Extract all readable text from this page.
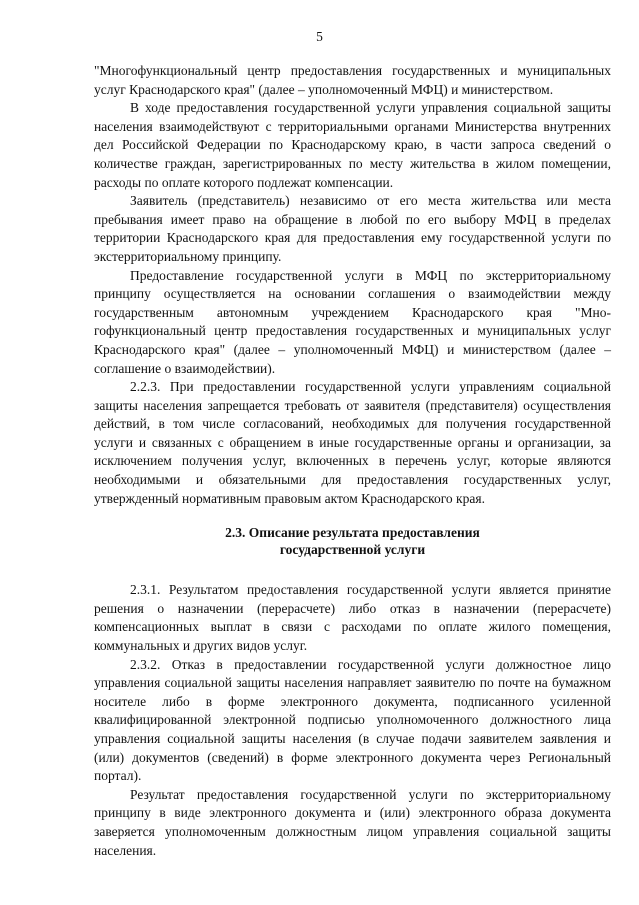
5

"Многофункциональный центр предоставления государственных и муниципальных услуг Краснодарского края" (далее – уполномоченный МФЦ) и министерством.

В ходе предоставления государственной услуги управления социальной защиты населения взаимодействуют с территориальными органами Министерства внутренних дел Российской Федерации по Краснодарскому краю, в части запроса сведений о количестве граждан, зарегистрированных по месту жительства в жилом помещении, расходы по оплате которого подлежат компенсации.

Заявитель (представитель) независимо от его места жительства или места пребывания имеет право на обращение в любой по его выбору МФЦ в пределах территории Краснодарского края для предоставления ему государственной услуги по экстерриториальному принципу.

Предоставление государственной услуги в МФЦ по экстерриториальному принципу осуществляется на основании соглашения о взаимодействии между государственным автономным учреждением Краснодарского края "Многофункциональный центр предоставления государственных и муниципальных услуг Краснодарского края" (далее – уполномоченный МФЦ) и министерством (далее – соглашение о взаимодействии).

2.2.3. При предоставлении государственной услуги управлениям социальной защиты населения запрещается требовать от заявителя (представителя) осуществления действий, в том числе согласований, необходимых для получения государственной услуги и связанных с обращением в иные государственные органы и организации, за исключением получения услуг, включенных в перечень услуг, которые являются необходимыми и обязательными для предоставления государственных услуг, утвержденный нормативным правовым актом Краснодарского края.

2.3. Описание результата предоставления
государственной услуги

2.3.1. Результатом предоставления государственной услуги является принятие решения о назначении (перерасчете) либо отказ в назначении (перерасчете) компенсационных выплат в связи с расходами по оплате жилого помещения, коммунальных и других видов услуг.

2.3.2. Отказ в предоставлении государственной услуги должностное лицо управления социальной защиты населения направляет заявителю по почте на бумажном носителе либо в форме электронного документа, подписанного усиленной квалифицированной электронной подписью уполномоченного должностного лица управления социальной защиты населения (в случае подачи заявителем заявления и (или) документов (сведений) в форме электронного документа через Региональный портал).

Результат предоставления государственной услуги по экстерриториальному принципу в виде электронного документа и (или) электронного образа документа заверяется уполномоченным должностным лицом управления социальной защиты населения.
